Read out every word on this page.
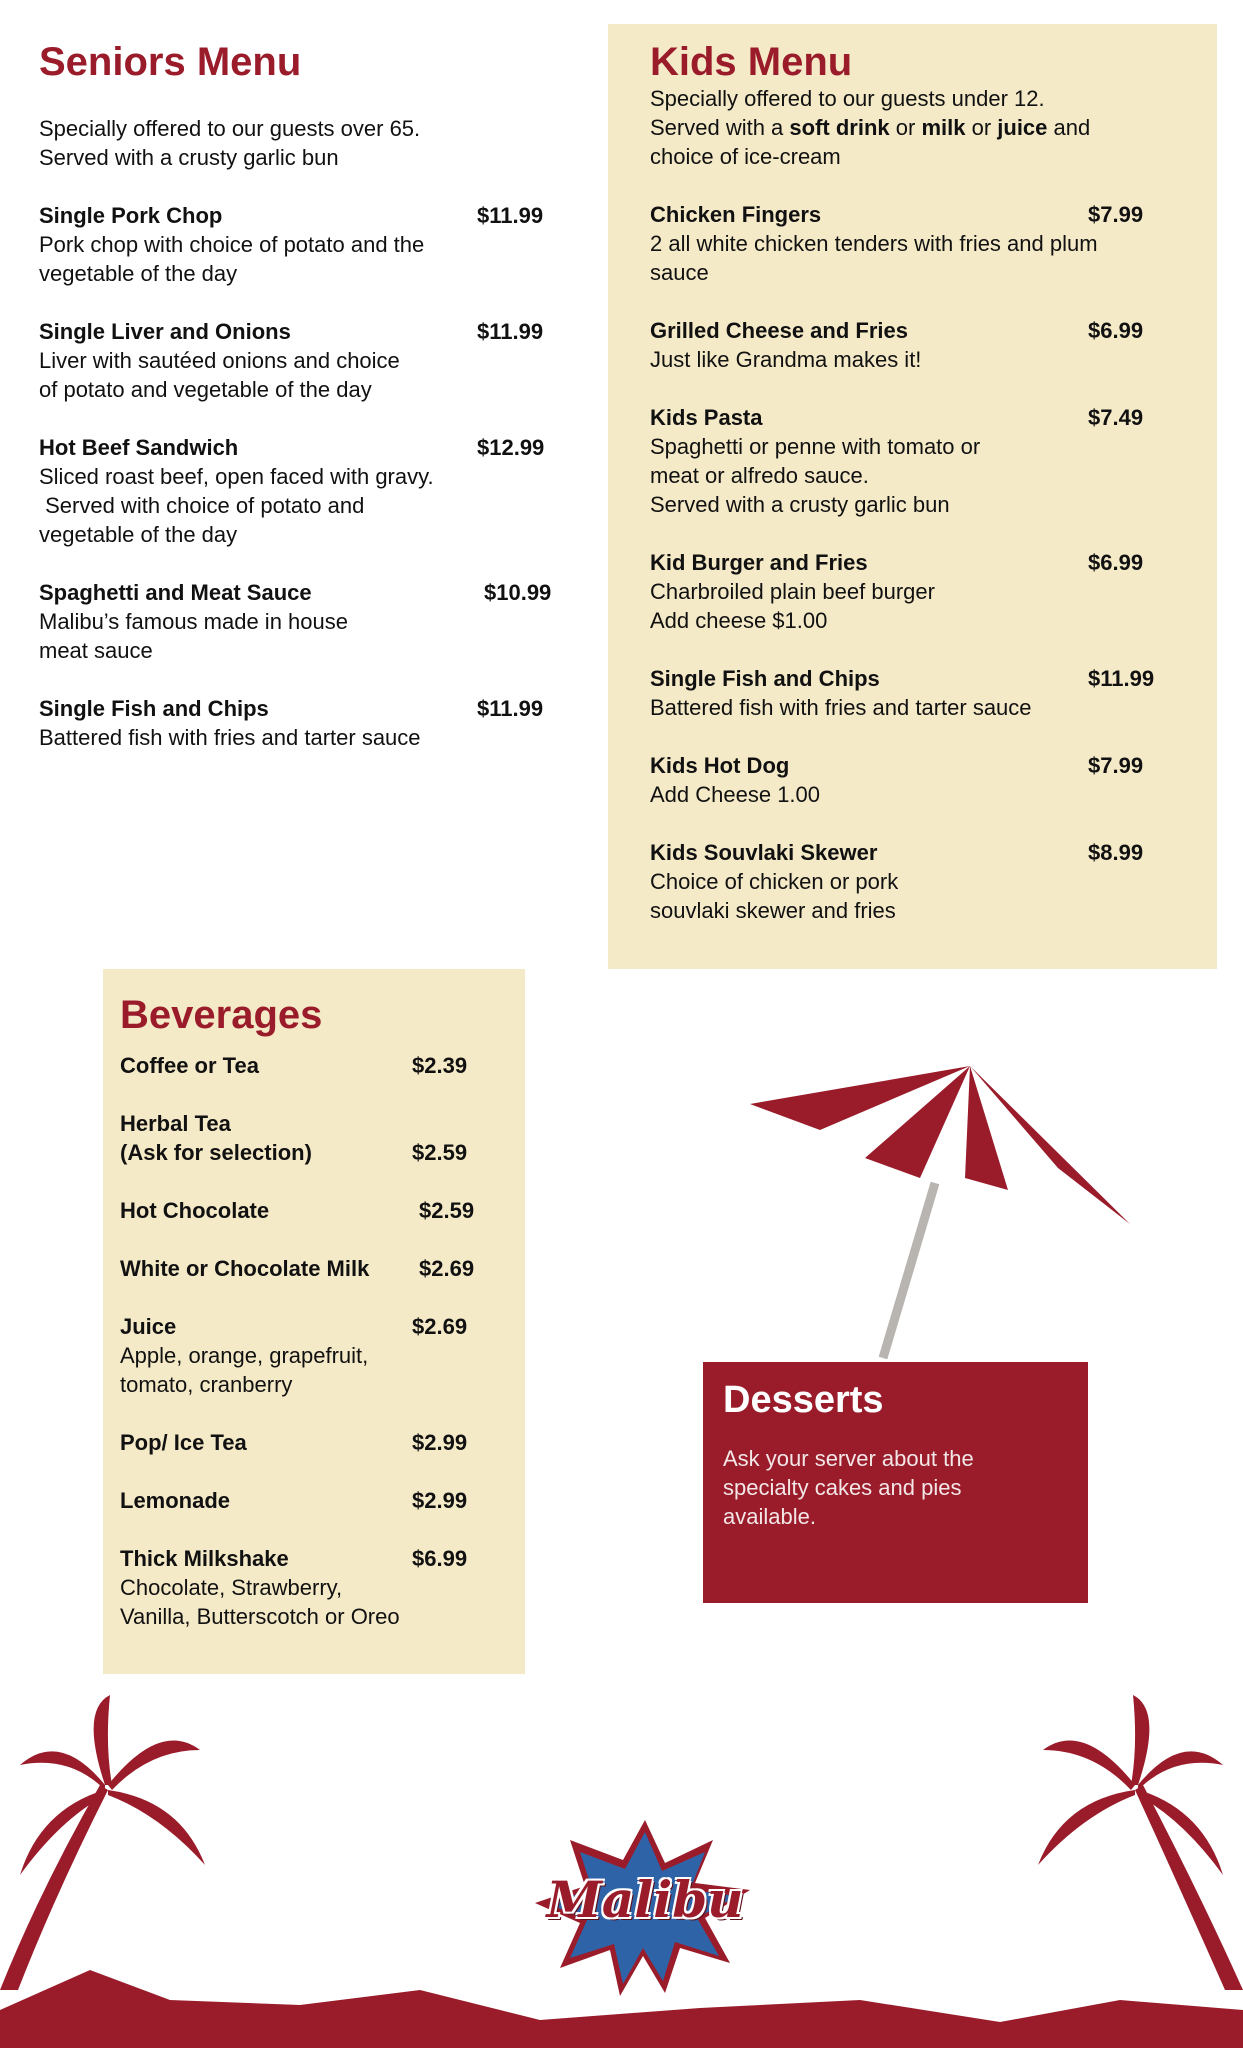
Seniors Menu
Specially offered to our guests over 65.
Served with a crusty garlic bun
Single Pork Chop	$11.99
Pork chop with choice of potato and the
vegetable of the day
Single Liver and Onions	$11.99
Liver with sautéed onions and choice
of potato and vegetable of the day
Hot Beef Sandwich	$12.99
Sliced roast beef, open faced with gravy.
Served with choice of potato and
vegetable of the day
Spaghetti and Meat Sauce	$10.99
Malibu’s famous made in house
meat sauce
Single Fish and Chips	$11.99
Battered fish with fries and tarter sauce
Kids Menu
Specially offered to our guests under 12.
Served with a soft drink or milk or juice and
choice of ice-cream
Chicken Fingers	$7.99
2 all white chicken tenders with fries and plum
sauce
Grilled Cheese and Fries	$6.99
Just like Grandma makes it!
Kids Pasta	$7.49
Spaghetti or penne with tomato or
meat or alfredo sauce.
Served with a crusty garlic bun
Kid Burger and Fries	$6.99
Charbroiled plain beef burger
Add cheese $1.00
Single Fish and Chips	$11.99
Battered fish with fries and tarter sauce
Kids Hot Dog	$7.99
Add Cheese 1.00
Kids Souvlaki Skewer	$8.99
Choice of chicken or pork
souvlaki skewer and fries
Beverages
Coffee or Tea	$2.39
Herbal Tea
(Ask for selection)	$2.59
Hot Chocolate	$2.59
White or Chocolate Milk	$2.69
Juice	$2.69
Apple, orange, grapefruit,
tomato, cranberry
Pop/ Ice Tea	$2.99
Lemonade	$2.99
Thick Milkshake	$6.99
Chocolate, Strawberry,
Vanilla, Butterscotch or Oreo
Desserts
Ask your server about the
specialty cakes and pies
available.
Malibu
